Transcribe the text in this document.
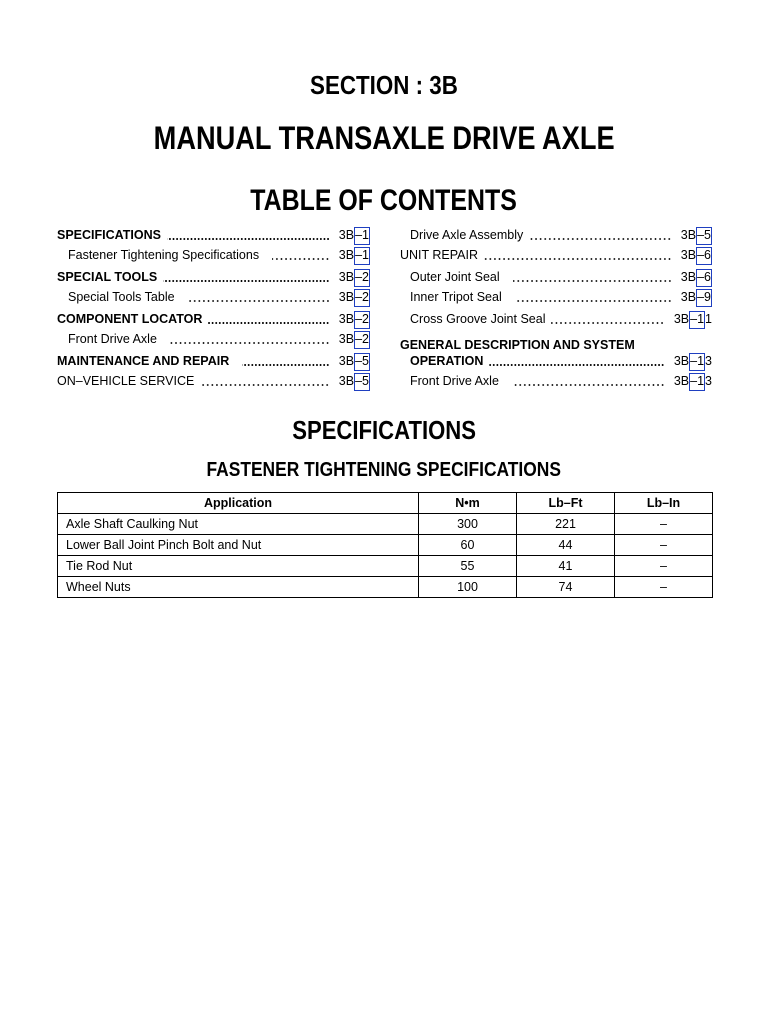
SECTION : 3B
MANUAL TRANSAXLE DRIVE AXLE
TABLE OF CONTENTS
SPECIFICATIONS	3B–1
Fastener Tightening Specifications	3B–1
SPECIAL TOOLS	3B–2
Special Tools Table	3B–2
COMPONENT LOCATOR	3B–2
Front Drive Axle	3B–2
MAINTENANCE AND REPAIR	3B–5
ON–VEHICLE SERVICE	3B–5
Drive Axle Assembly	3B–5
UNIT REPAIR	3B–6
Outer Joint Seal	3B–6
Inner Tripot Seal	3B–9
Cross Groove Joint Seal	3B–11
GENERAL DESCRIPTION AND SYSTEM
OPERATION	3B–13
Front Drive Axle	3B–13
SPECIFICATIONS
FASTENER TIGHTENING SPECIFICATIONS
Application	N•m	Lb–Ft	Lb–In
Axle Shaft Caulking Nut	300	221	–
Lower Ball Joint Pinch Bolt and Nut	60	44	–
Tie Rod Nut	55	41	–
Wheel Nuts	100	74	–
